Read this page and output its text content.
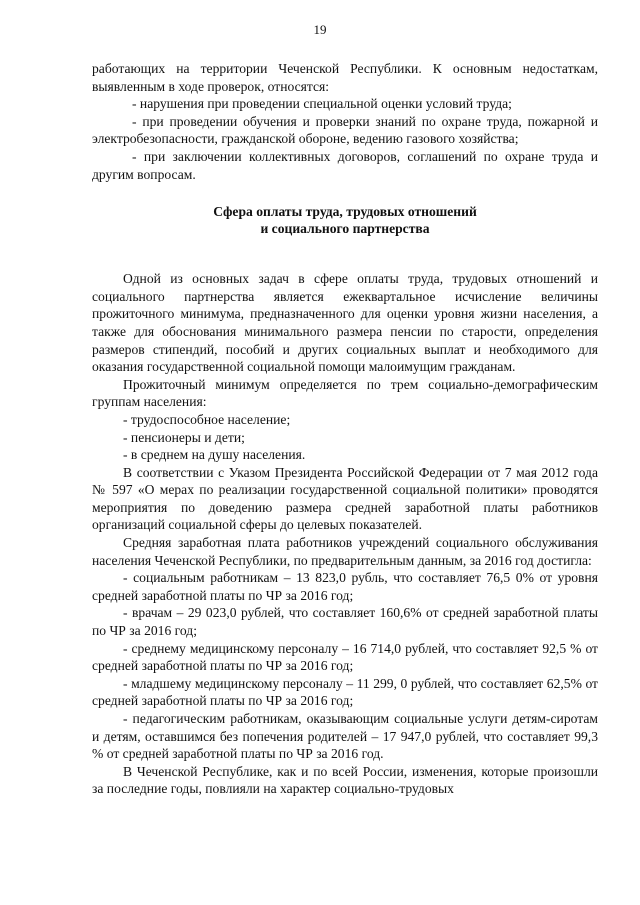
19

работающих на территории Чеченской Республики. К основным недостаткам,

выявленным в ходе проверок, относятся:

- нарушения при проведении специальной оценки условий труда;

- при проведении обучения и проверки знаний по охране труда, пожарной и электробезопасности, гражданской обороне, ведению газового хозяйства;

- при заключении коллективных договоров, соглашений по охране труда и другим вопросам.

Сфера оплаты труда, трудовых отношений
и социального партнерства

Одной из основных задач в сфере оплаты труда, трудовых отношений и социального партнерства является ежеквартальное исчисление величины прожиточного минимума, предназначенного для оценки уровня жизни населения, а также для обоснования минимального размера пенсии по старости, определения размеров стипендий, пособий и других социальных выплат и необходимого для оказания государственной социальной помощи малоимущим гражданам.

Прожиточный минимум определяется по трем социально-демографическим группам населения:

- трудоспособное население;

- пенсионеры и дети;

- в среднем на душу населения.

В соответствии с Указом Президента Российской Федерации от 7 мая 2012 года № 597 «О мерах по реализации государственной социальной политики» проводятся мероприятия по доведению размера средней заработной платы работников организаций социальной сферы до целевых показателей.

Средняя заработная плата работников учреждений социального обслуживания населения Чеченской Республики, по предварительным данным, за 2016 год достигла:

- социальным работникам – 13 823,0 рубль, что составляет 76,5 0% от уровня средней заработной платы по ЧР за 2016 год;

- врачам – 29 023,0 рублей, что составляет 160,6% от средней заработной платы по ЧР за 2016 год;

- среднему медицинскому персоналу – 16 714,0 рублей, что составляет 92,5 % от средней заработной платы по ЧР за 2016 год;

- младшему медицинскому персоналу – 11 299, 0 рублей, что составляет 62,5% от средней заработной платы по ЧР за 2016 год;

- педагогическим работникам, оказывающим социальные услуги детям-сиротам и детям, оставшимся без попечения родителей – 17 947,0 рублей, что составляет 99,3 % от средней заработной платы по ЧР за 2016 год.

В Чеченской Республике, как и по всей России, изменения, которые произошли за последние годы, повлияли на характер социально-трудовых
